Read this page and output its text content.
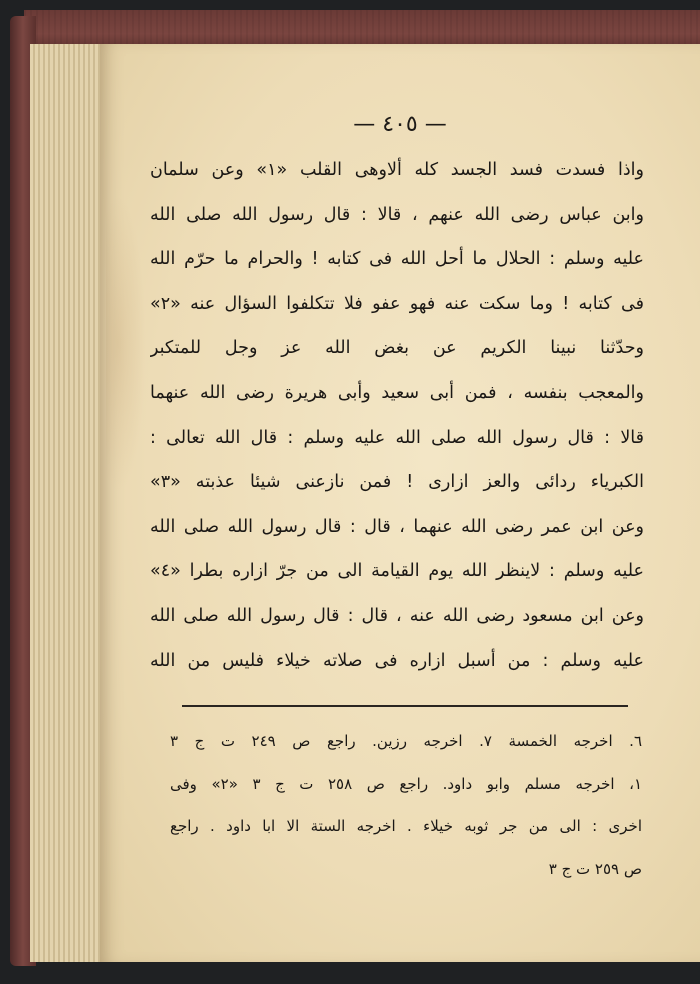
— ٤٠٥ —
واذا فسدت فسد الجسد كله ألاوهى القلب «١» وعن سلمان
وابن عباس رضى الله عنهم ، قالا : قال رسول الله صلى الله
عليه وسلم : الحلال ما أحل الله فى كتابه ! والحرام ما حرّم الله
فى كتابه ! وما سكت عنه فهو عفو فلا تتكلفوا السؤال عنه «٢»
وحدّثنا نبينا الكريم عن بغض الله عز وجل للمتكبر
والمعجب بنفسه ، فمن أبى سعيد وأبى هريرة رضى الله عنهما
قالا : قال رسول الله صلى الله عليه وسلم : قال الله تعالى :
الكبرياء ردائى والعز ازارى ! فمن نازعنى شيئا عذبته «٣»
وعن ابن عمر رضى الله عنهما ، قال : قال رسول الله صلى الله
عليه وسلم : لاينظر الله يوم القيامة الى من جرّ ازاره بطرا «٤»
وعن ابن مسعود رضى الله عنه ، قال : قال رسول الله صلى الله
عليه وسلم : من أسبل ازاره فى صلاته خيلاء فليس من الله
٦. اخرجه الخمسة ٧. اخرجه رزين. راجع ص ٢٤٩ ت ج ٣
١، اخرجه مسلم وابو داود. راجع ص ٢٥٨ ت ج ٣ «٢» وفى
اخرى : الى من جر ثوبه خيلاء . اخرجه الستة الا ابا داود . راجع
ص ٢٥٩ ت ج ٣
